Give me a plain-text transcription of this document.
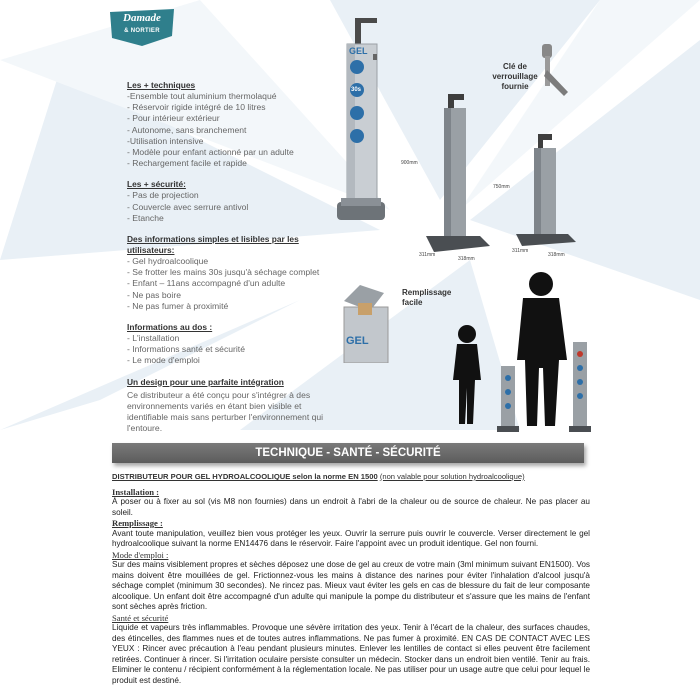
Damade
& NORTIER
Les + techniques
-Ensemble tout aluminium thermolaqué
- Réservoir rigide intégré de 10 litres
- Pour intérieur extérieur
- Autonome, sans branchement
-Utilisation intensive
- Modèle pour enfant actionné par un adulte
- Rechargement facile et rapide
Les + sécurité:
- Pas de projection
- Couvercle avec serrure antivol
- Etanche
Des informations simples et lisibles par les utilisateurs:
- Gel hydroalcoolique
- Se frotter les mains 30s jusqu'à séchage complet
- Enfant – 11ans accompagné d'un adulte
- Ne pas boire
- Ne pas fumer à proximité
Informations au dos :
- L'installation
- Informations santé et sécurité
- Le mode d'emploi
Un design pour une parfaite intégration
Ce distributeur a été conçu pour s'intégrer à des environnements variés en étant bien visible et identifiable mais sans perturber l'environnement qui l'entoure.
GEL
30s
Clé de verrouillage fournie
900mm
311mm
318mm
750mm
311mm
318mm
GEL
Remplissage facile
TECHNIQUE - SANTÉ - SÉCURITÉ

DISTRIBUTEUR POUR GEL HYDROALCOOLIQUE selon la norme EN 1500 (non valable pour solution hydroalcoolique)

Installation :

À poser ou à fixer au sol (vis M8 non fournies) dans un endroit à l'abri de la chaleur ou de source de chaleur. Ne pas placer au soleil.

Remplissage :

Avant toute manipulation, veuillez bien vous protéger les yeux. Ouvrir la serrure puis ouvrir le couvercle. Verser directement le gel hydroalcoolique suivant la norme EN14476 dans le réservoir. Faire l'appoint avec un produit identique. Gel non fourni.

Mode d'emploi :

Sur des mains visiblement propres et sèches déposez une dose de gel au creux de votre main (3ml minimum suivant EN1500). Vos mains doivent être mouillées de gel. Frictionnez-vous les mains à distance des narines pour éviter l'inhalation d'alcool jusqu'à séchage complet (minimum 30 secondes). Ne rincez pas. Mieux vaut éviter les gels en cas de blessure du fait de leur composante alcoolique. Un enfant doit être accompagné d'un adulte qui manipule la pompe du distributeur et s'assure que les mains de l'enfant sont sèches après friction.

Santé et sécurité

Liquide et vapeurs très inflammables. Provoque une sévère irritation des yeux. Tenir à l'écart de la chaleur, des surfaces chaudes, des étincelles, des flammes nues et de toutes autres inflammations. Ne pas fumer à proximité. EN CAS DE CONTACT AVEC LES YEUX : Rincer avec précaution à l'eau pendant plusieurs minutes. Enlever les lentilles de contact si elles peuvent être facilement retirées. Continuer à rincer. Si l'irritation oculaire persiste consulter un médecin. Stocker dans un endroit bien ventilé. Tenir au frais. Eliminer le contenu / récipient conformément à la réglementation locale. Ne pas utiliser pour un usage autre que celui pour lequel le produit est destiné.
